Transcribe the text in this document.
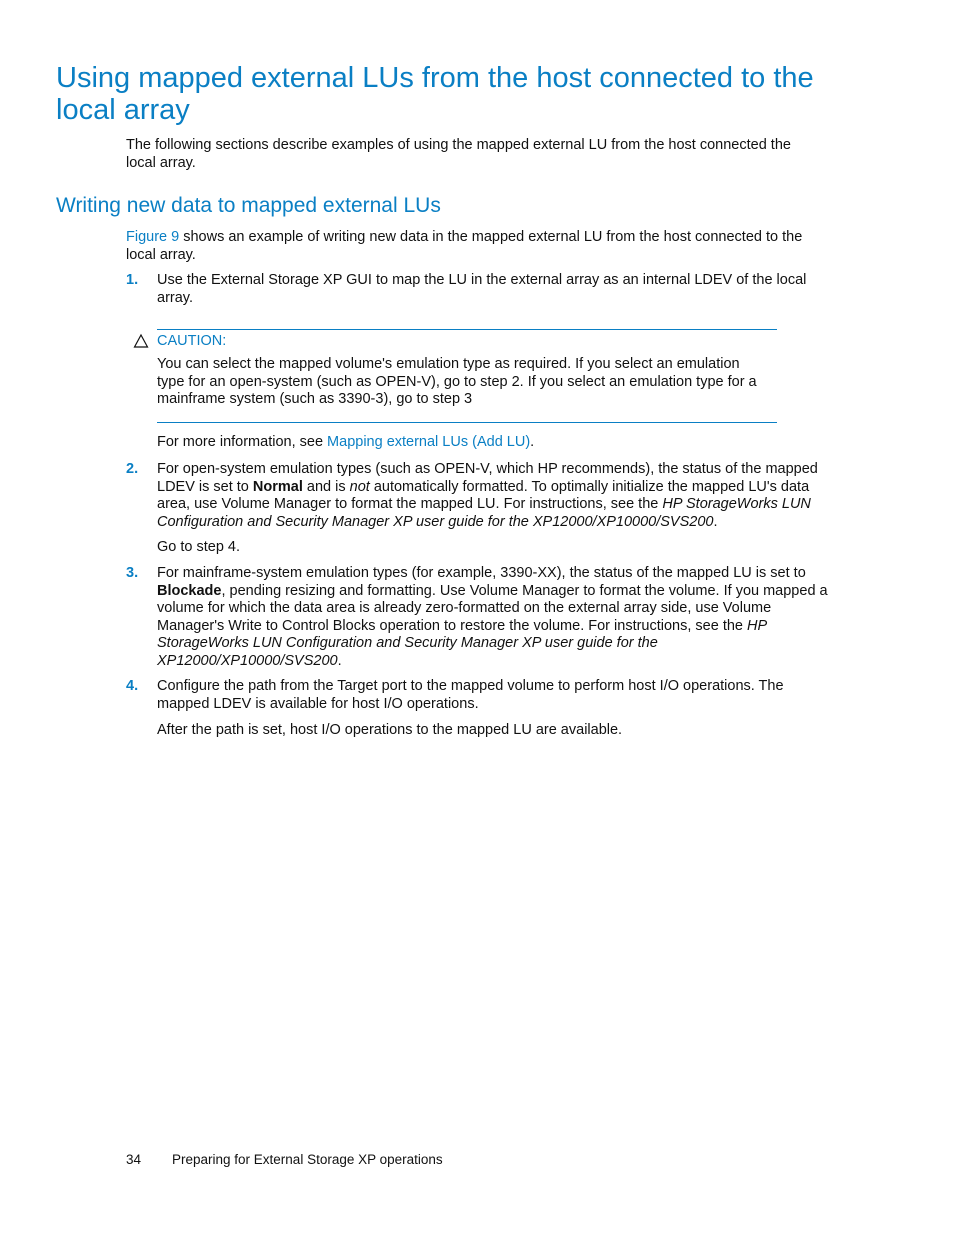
Using mapped external LUs from the host connected to the local array

The following sections describe examples of using the mapped external LU from the host connected the local array.

Writing new data to mapped external LUs

Figure 9 shows an example of writing new data in the mapped external LU from the host connected to the local array.

1. Use the External Storage XP GUI to map the LU in the external array as an internal LDEV of the local array.

CAUTION:

You can select the mapped volume's emulation type as required. If you select an emulation type for an open-system (such as OPEN-V), go to step 2. If you select an emulation type for a mainframe system (such as 3390-3), go to step 3

For more information, see Mapping external LUs (Add LU).

2. For open-system emulation types (such as OPEN-V, which HP recommends), the status of the mapped LDEV is set to Normal and is not automatically formatted. To optimally initialize the mapped LU's data area, use Volume Manager to format the mapped LU. For instructions, see the HP StorageWorks LUN Configuration and Security Manager XP user guide for the XP12000/XP10000/SVS200.

Go to step 4.

3. For mainframe-system emulation types (for example, 3390-XX), the status of the mapped LU is set to Blockade, pending resizing and formatting. Use Volume Manager to format the volume. If you mapped a volume for which the data area is already zero-formatted on the external array side, use Volume Manager's Write to Control Blocks operation to restore the volume. For instructions, see the HP StorageWorks LUN Configuration and Security Manager XP user guide for the XP12000/XP10000/SVS200.

4. Configure the path from the Target port to the mapped volume to perform host I/O operations. The mapped LDEV is available for host I/O operations.

After the path is set, host I/O operations to the mapped LU are available.

34 Preparing for External Storage XP operations
